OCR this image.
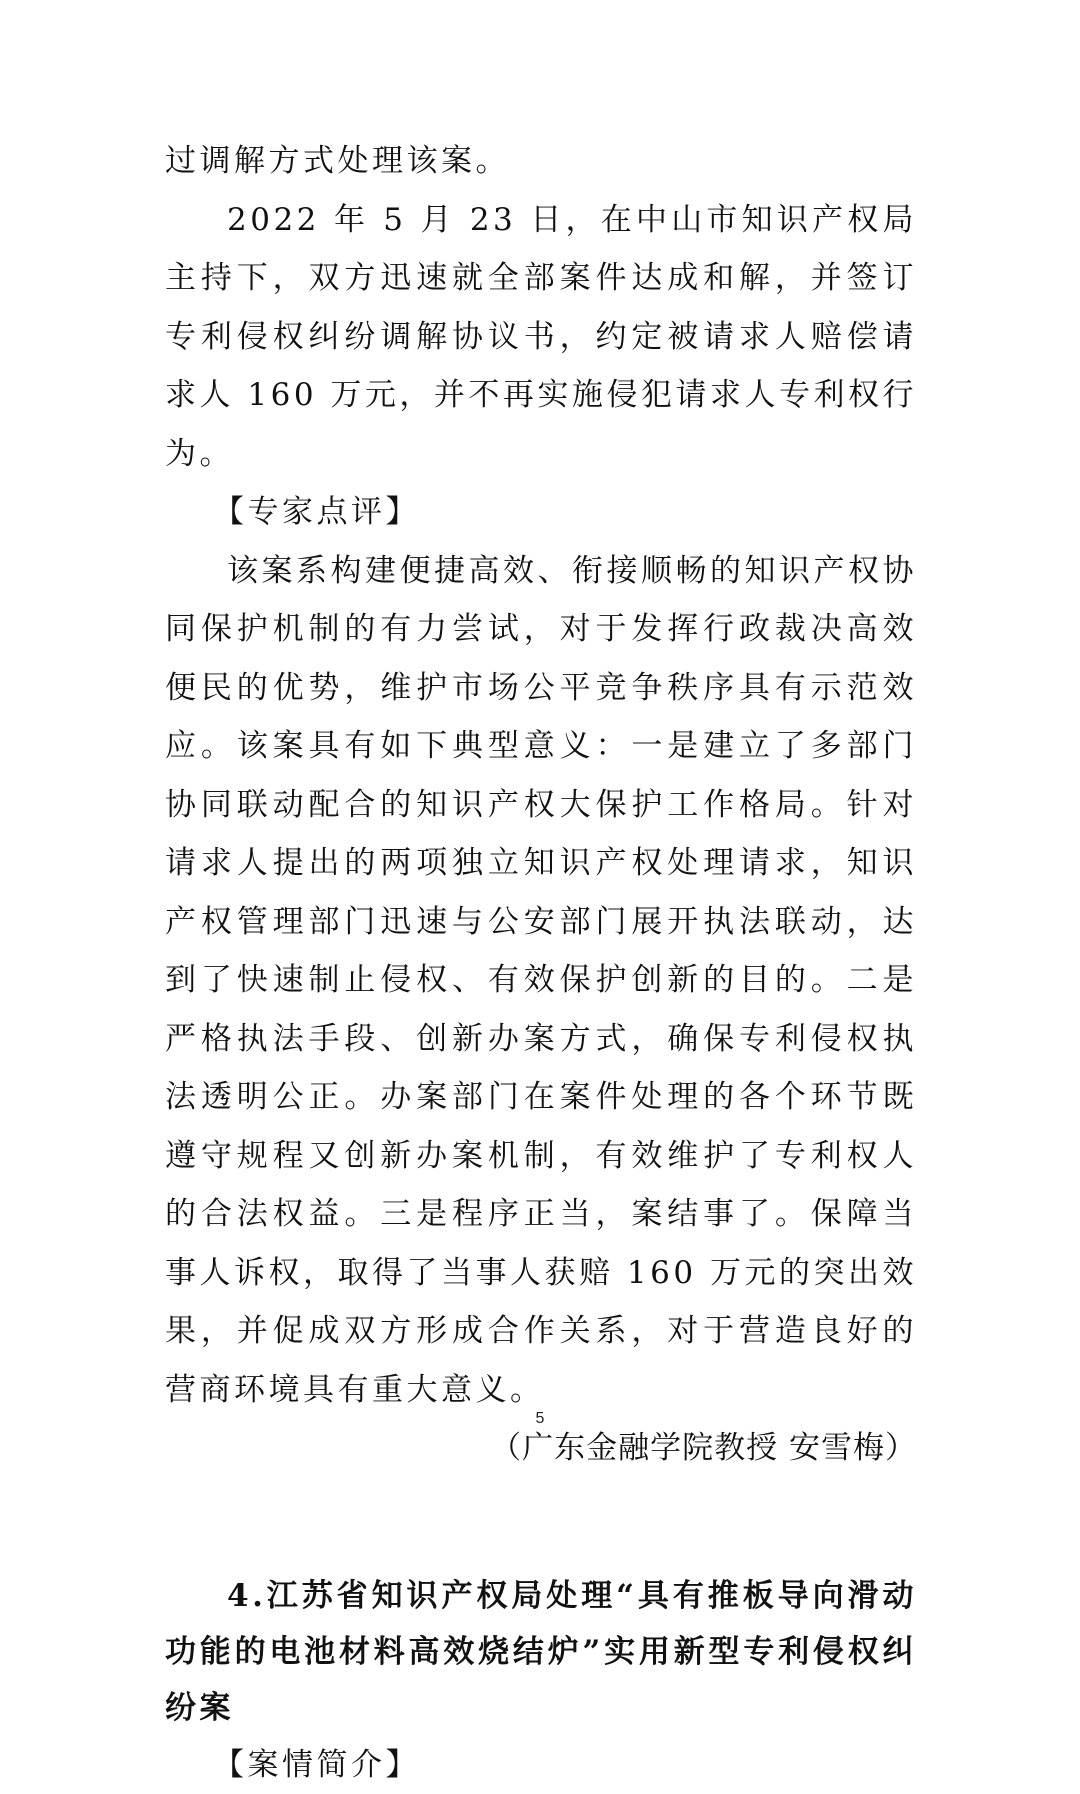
过调解方式处理该案。

2022 年 5 月 23 日，在中山市知识产权局主持下，双方迅速就全部案件达成和解，并签订专利侵权纠纷调解协议书，约定被请求人赔偿请求人 160 万元，并不再实施侵犯请求人专利权行为。

【专家点评】

该案系构建便捷高效、衔接顺畅的知识产权协同保护机制的有力尝试，对于发挥行政裁决高效便民的优势，维护市场公平竞争秩序具有示范效应。该案具有如下典型意义：一是建立了多部门协同联动配合的知识产权大保护工作格局。针对请求人提出的两项独立知识产权处理请求，知识产权管理部门迅速与公安部门展开执法联动，达到了快速制止侵权、有效保护创新的目的。二是严格执法手段、创新办案方式，确保专利侵权执法透明公正。办案部门在案件处理的各个环节既遵守规程又创新办案机制，有效维护了专利权人的合法权益。三是程序正当，案结事了。保障当事人诉权，取得了当事人获赔 160 万元的突出效果，并促成双方形成合作关系，对于营造良好的营商环境具有重大意义。

（广东金融学院教授 安雪梅）

4.江苏省知识产权局处理“具有推板导向滑动功能的电池材料高效烧结炉”实用新型专利侵权纠纷案

【案情简介】

5
